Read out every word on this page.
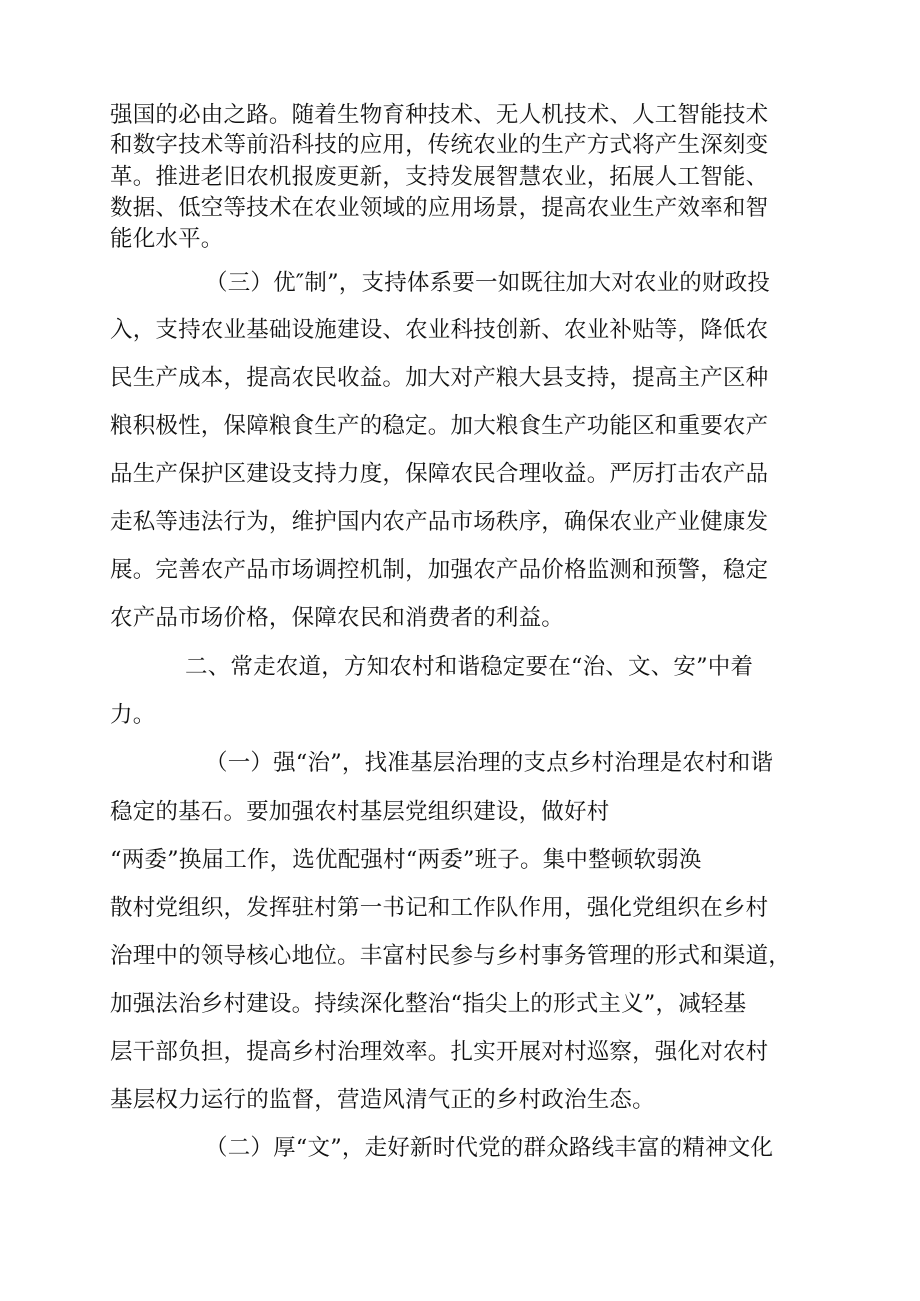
强国的必由之路。随着生物育种技术、无人机技术、人工智能技术
和数字技术等前沿科技的应用，传统农业的生产方式将产生深刻变
革。推进老旧农机报废更新，支持发展智慧农业，拓展人工智能、
数据、低空等技术在农业领域的应用场景，提高农业生产效率和智
能化水平。
（三）优″制”，支持体系要一如既往加大对农业的财政投
入，支持农业基础设施建设、农业科技创新、农业补贴等，降低农
民生产成本，提高农民收益。加大对产粮大县支持，提高主产区种
粮积极性，保障粮食生产的稳定。加大粮食生产功能区和重要农产
品生产保护区建设支持力度，保障农民合理收益。严厉打击农产品
走私等违法行为，维护国内农产品市场秩序，确保农业产业健康发
展。完善农产品市场调控机制，加强农产品价格监测和预警，稳定
农产品市场价格，保障农民和消费者的利益。
二、常走农道，方知农村和谐稳定要在“治、文、安”中着
力。
（一）强“治”，找准基层治理的支点乡村治理是农村和谐
稳定的基石。要加强农村基层党组织建设，做好村
“两委”换届工作，选优配强村“两委”班子。集中整顿软弱涣
散村党组织，发挥驻村第一书记和工作队作用，强化党组织在乡村
治理中的领导核心地位。丰富村民参与乡村事务管理的形式和渠道，
加强法治乡村建设。持续深化整治“指尖上的形式主义”，减轻基
层干部负担，提高乡村治理效率。扎实开展对村巡察，强化对农村
基层权力运行的监督，营造风清气正的乡村政治生态。
（二）厚“文”，走好新时代党的群众路线丰富的精神文化
